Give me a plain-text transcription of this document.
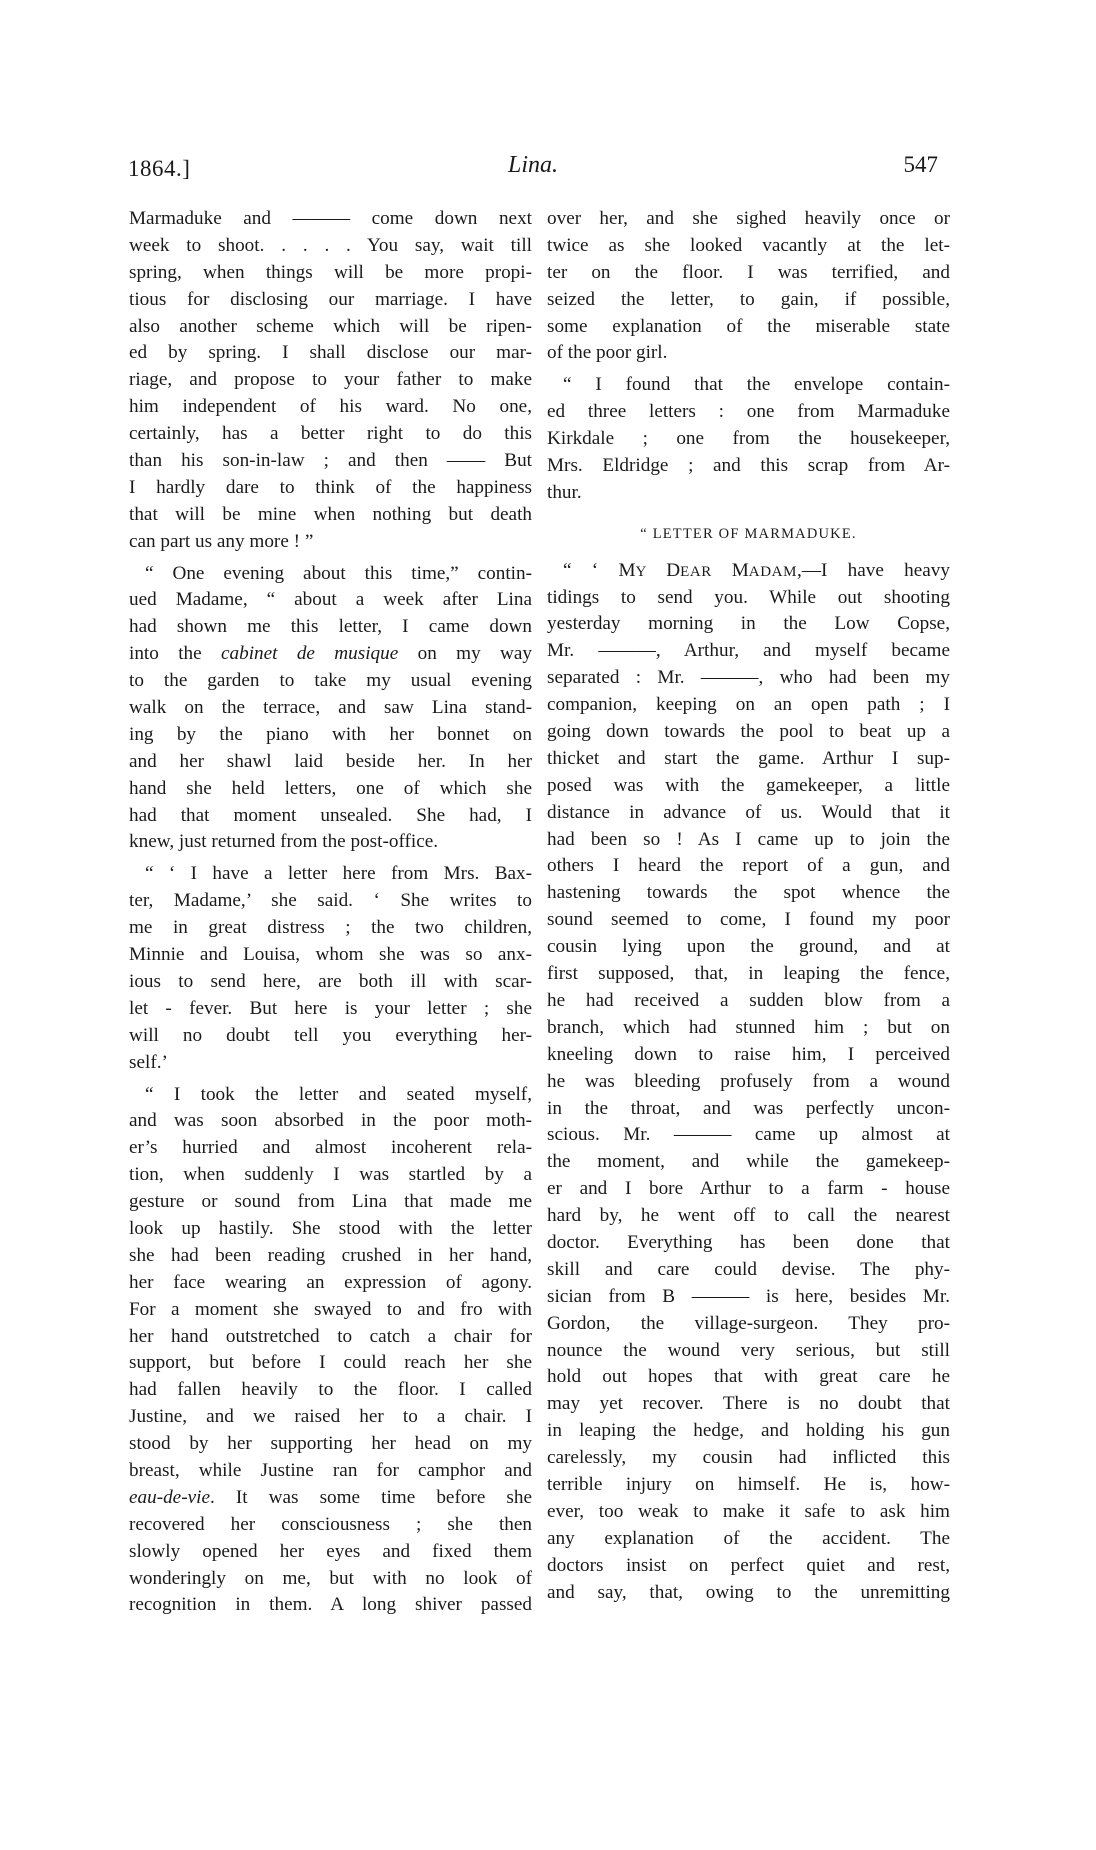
1864.]	Lina.	547
Marmaduke and ——— come down next
week to shoot. . . . . You say, wait till
spring, when things will be more propi-
tious for disclosing our marriage. I have
also another scheme which will be ripen-
ed by spring. I shall disclose our mar-
riage, and propose to your father to make
him independent of his ward. No one,
certainly, has a better right to do this
than his son-in-law ; and then —— But
I hardly dare to think of the happiness
that will be mine when nothing but death
can part us any more ! ”
“ One evening about this time,” contin-
ued Madame, “ about a week after Lina
had shown me this letter, I came down
into the cabinet de musique on my way
to the garden to take my usual evening
walk on the terrace, and saw Lina stand-
ing by the piano with her bonnet on
and her shawl laid beside her. In her
hand she held letters, one of which she
had that moment unsealed. She had, I
knew, just returned from the post-office.
“ ‘ I have a letter here from Mrs. Bax-
ter, Madame,’ she said. ‘ She writes to
me in great distress ; the two children,
Minnie and Louisa, whom she was so anx-
ious to send here, are both ill with scar-
let - fever. But here is your letter ; she
will no doubt tell you everything her-
self.’
“ I took the letter and seated myself,
and was soon absorbed in the poor moth-
er’s hurried and almost incoherent rela-
tion, when suddenly I was startled by a
gesture or sound from Lina that made me
look up hastily. She stood with the letter
she had been reading crushed in her hand,
her face wearing an expression of agony.
For a moment she swayed to and fro with
her hand outstretched to catch a chair for
support, but before I could reach her she
had fallen heavily to the floor. I called
Justine, and we raised her to a chair. I
stood by her supporting her head on my
breast, while Justine ran for camphor and
eau-de-vie. It was some time before she
recovered her consciousness ; she then
slowly opened her eyes and fixed them
wonderingly on me, but with no look of
recognition in them. A long shiver passed
over her, and she sighed heavily once or
twice as she looked vacantly at the let-
ter on the floor. I was terrified, and
seized the letter, to gain, if possible,
some explanation of the miserable state
of the poor girl.
“ I found that the envelope contain-
ed three letters : one from Marmaduke
Kirkdale ; one from the housekeeper,
Mrs. Eldridge ; and this scrap from Ar-
thur.
“ LETTER OF MARMADUKE.
“ ‘ MY DEAR MADAM,—I have heavy
tidings to send you. While out shooting
yesterday morning in the Low Copse,
Mr. ———, Arthur, and myself became
separated : Mr. ———, who had been my
companion, keeping on an open path ; I
going down towards the pool to beat up a
thicket and start the game. Arthur I sup-
posed was with the gamekeeper, a little
distance in advance of us. Would that it
had been so ! As I came up to join the
others I heard the report of a gun, and
hastening towards the spot whence the
sound seemed to come, I found my poor
cousin lying upon the ground, and at
first supposed, that, in leaping the fence,
he had received a sudden blow from a
branch, which had stunned him ; but on
kneeling down to raise him, I perceived
he was bleeding profusely from a wound
in the throat, and was perfectly uncon-
scious. Mr. ——— came up almost at
the moment, and while the gamekeep-
er and I bore Arthur to a farm - house
hard by, he went off to call the nearest
doctor. Everything has been done that
skill and care could devise. The phy-
sician from B ——— is here, besides Mr.
Gordon, the village-surgeon. They pro-
nounce the wound very serious, but still
hold out hopes that with great care he
may yet recover. There is no doubt that
in leaping the hedge, and holding his gun
carelessly, my cousin had inflicted this
terrible injury on himself. He is, how-
ever, too weak to make it safe to ask him
any explanation of the accident. The
doctors insist on perfect quiet and rest,
and say, that, owing to the unremitting
